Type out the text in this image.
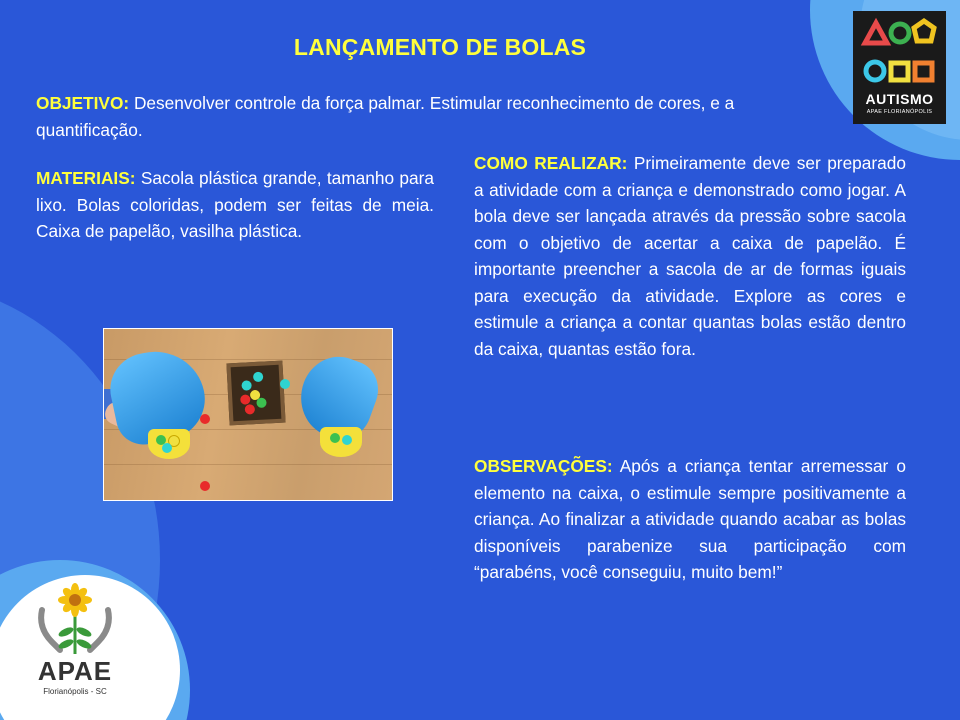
LANÇAMENTO DE BOLAS
OBJETIVO: Desenvolver controle da força palmar. Estimular reconhecimento de cores, e a quantificação.
MATERIAIS: Sacola plástica grande, tamanho para lixo. Bolas coloridas, podem ser feitas de meia. Caixa de papelão, vasilha plástica.
COMO REALIZAR: Primeiramente deve ser preparado a atividade com a criança e demonstrado como jogar. A bola deve ser lançada através da pressão sobre sacola com o objetivo de acertar a caixa de papelão. É importante preencher a sacola de ar de formas iguais para execução da atividade. Explore as cores e estimule a criança a contar quantas bolas estão dentro da caixa, quantas estão fora.
OBSERVAÇÕES: Após a criança tentar arremessar o elemento na caixa, o estimule sempre positivamente a criança. Ao finalizar a atividade quando acabar as bolas disponíveis parabenize sua participação com “parabéns, você conseguiu, muito bem!”
AUTISMO
APAE FLORIANÓPOLIS
APAE
Florianópolis - SC
